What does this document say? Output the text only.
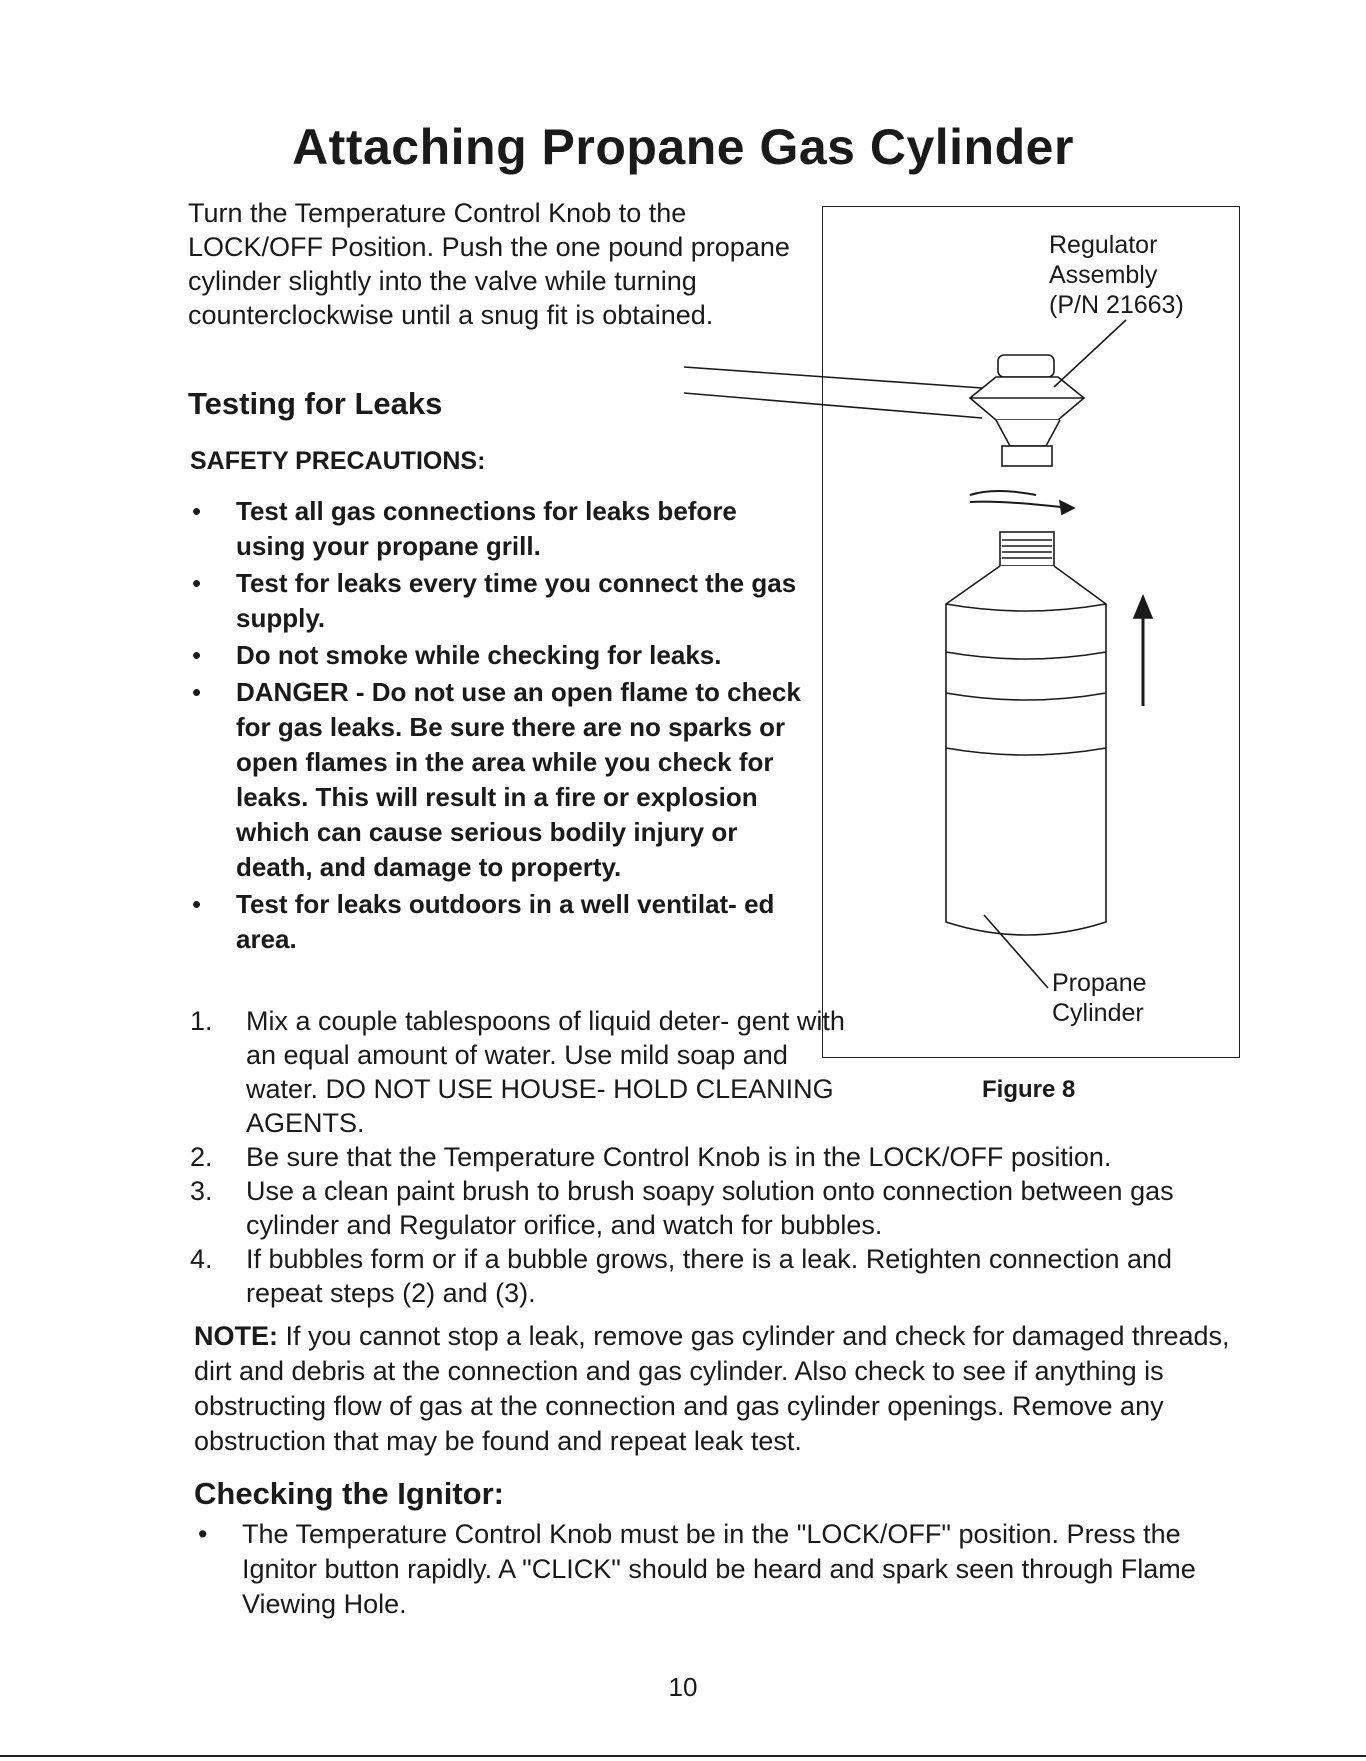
Attaching Propane Gas Cylinder

Turn the Temperature Control Knob to the LOCK/OFF Position. Push the one pound propane cylinder slightly into the valve while turning counterclockwise until a snug fit is obtained.

Testing for Leaks
SAFETY PRECAUTIONS:
• Test all gas connections for leaks before using your propane grill.
• Test for leaks every time you connect the gas supply.
• Do not smoke while checking for leaks.
• DANGER - Do not use an open flame to check for gas leaks. Be sure there are no sparks or open flames in the area while you check for leaks. This will result in a fire or explosion which can cause serious bodily injury or death, and damage to property.
• Test for leaks outdoors in a well ventilat- ed area.
1. Mix a couple tablespoons of liquid deter- gent with an equal amount of water. Use mild soap and water. DO NOT USE HOUSE- HOLD CLEANING AGENTS.
2. Be sure that the Temperature Control Knob is in the LOCK/OFF position.
3. Use a clean paint brush to brush soapy solution onto connection between gas cylinder and Regulator orifice, and watch for bubbles.
4. If bubbles form or if a bubble grows, there is a leak. Retighten connection and repeat steps (2) and (3).

NOTE: If you cannot stop a leak, remove gas cylinder and check for damaged threads, dirt and debris at the connection and gas cylinder. Also check to see if anything is obstructing flow of gas at the connection and gas cylinder openings. Remove any obstruction that may be found and repeat leak test.

Checking the Ignitor:
• The Temperature Control Knob must be in the "LOCK/OFF" position. Press the Ignitor button rapidly. A "CLICK" should be heard and spark seen through Flame Viewing Hole.

Regulator
Assembly
(P/N 21663)

Propane
Cylinder

Figure 8

10
